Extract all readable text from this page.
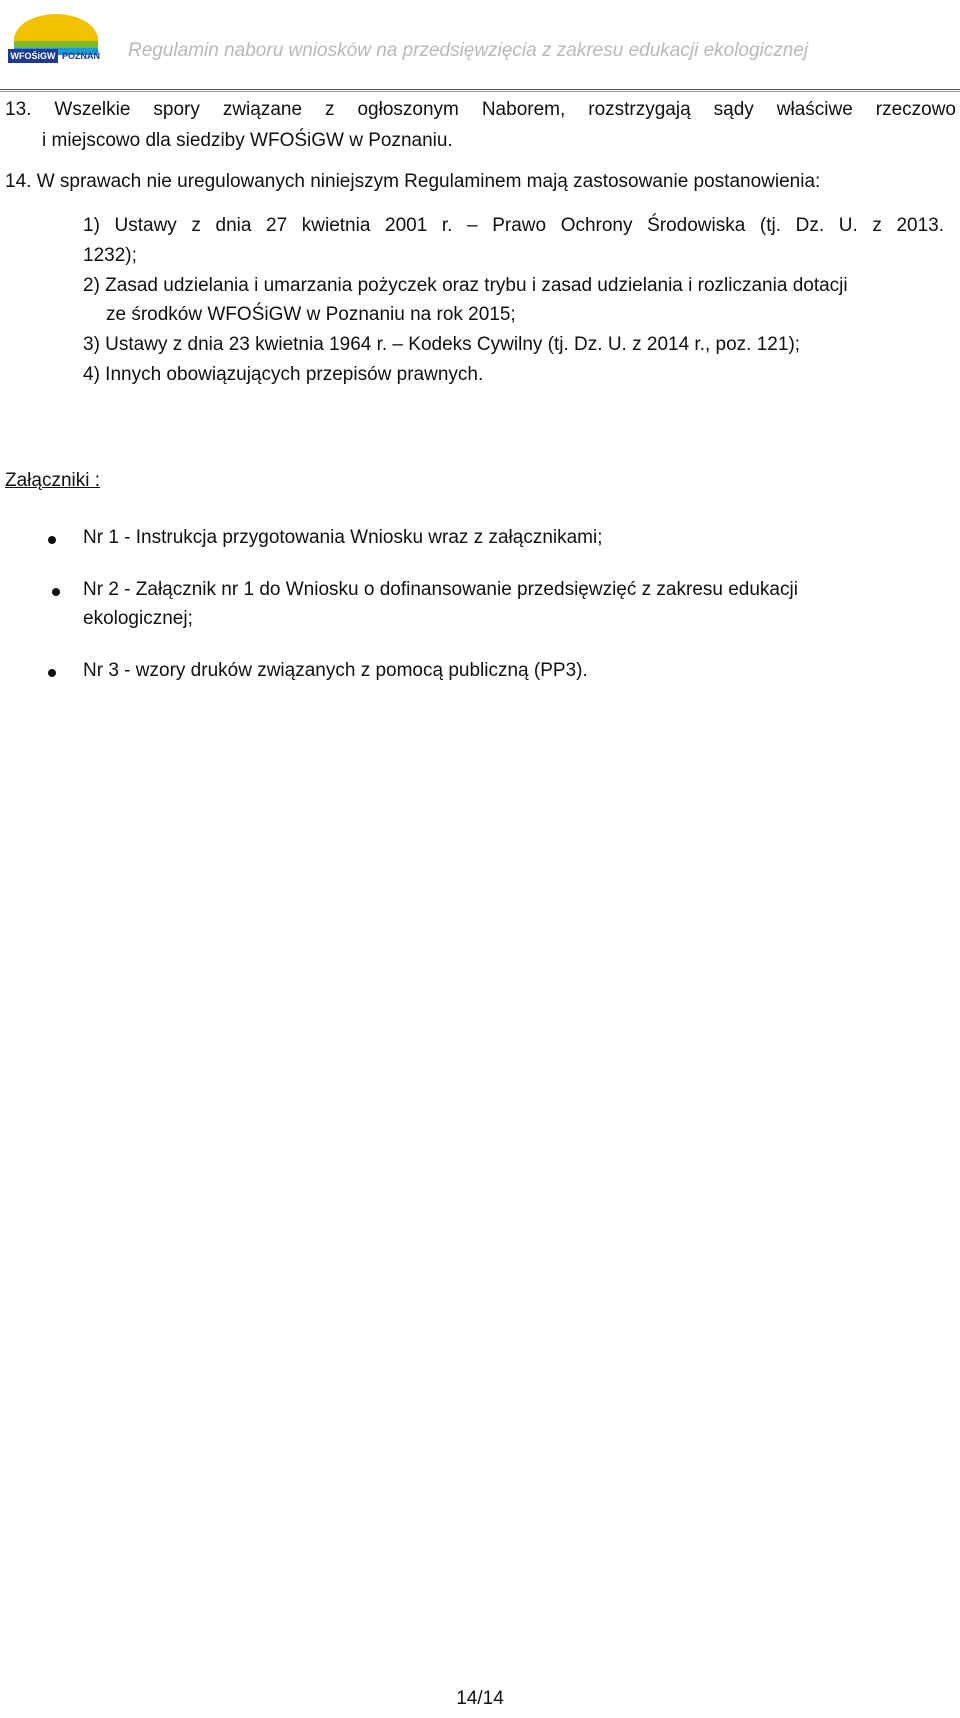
WFOŚiGW POZNAŃ Regulamin naboru wniosków na przedsięwzięcia z zakresu edukacji ekologicznej
13. Wszelkie spory związane z ogłoszonym Naborem, rozstrzygają sądy właściwe rzeczowo
i miejscowo dla siedziby WFOŚiGW w Poznaniu.
14. W sprawach nie uregulowanych niniejszym Regulaminem mają zastosowanie postanowienia:
1) Ustawy z dnia 27 kwietnia 2001 r. – Prawo Ochrony Środowiska (tj. Dz. U. z 2013.
1232);
2) Zasad udzielania i umarzania pożyczek oraz trybu i zasad udzielania i rozliczania dotacji
ze środków WFOŚiGW w Poznaniu na rok 2015;
3) Ustawy z dnia 23 kwietnia 1964 r. – Kodeks Cywilny (tj. Dz. U. z 2014 r., poz. 121);
4) Innych obowiązujących przepisów prawnych.
Załączniki :
Nr 1 - Instrukcja przygotowania Wniosku wraz z załącznikami;
Nr 2 - Załącznik nr 1 do Wniosku o dofinansowanie przedsięwzięć z zakresu edukacji
ekologicznej;
Nr 3 - wzory druków związanych z pomocą publiczną (PP3).
14/14
